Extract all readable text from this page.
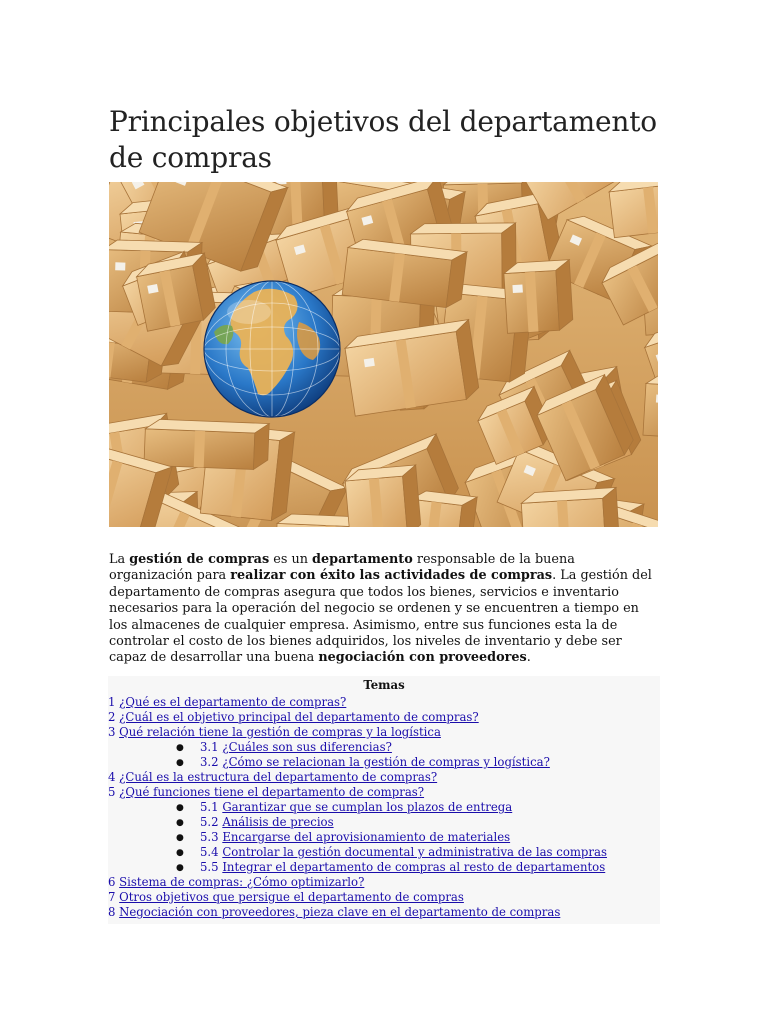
Principales objetivos del departamento de compras
La gestión de compras es un departamento responsable de la buena organización para realizar con éxito las actividades de compras. La gestión del departamento de compras asegura que todos los bienes, servicios e inventario necesarios para la operación del negocio se ordenen y se encuentren a tiempo en los almacenes de cualquier empresa. Asimismo, entre sus funciones esta la de controlar el costo de los bienes adquiridos, los niveles de inventario y debe ser capaz de desarrollar una buena negociación con proveedores.
Temas
1 ¿Qué es el departamento de compras?
2 ¿Cuál es el objetivo principal del departamento de compras?
3 Qué relación tiene la gestión de compras y la logística
● 3.1 ¿Cuáles son sus diferencias?
● 3.2 ¿Cómo se relacionan la gestión de compras y logística?
4 ¿Cuál es la estructura del departamento de compras?
5 ¿Qué funciones tiene el departamento de compras?
● 5.1 Garantizar que se cumplan los plazos de entrega
● 5.2 Análisis de precios
● 5.3 Encargarse del aprovisionamiento de materiales
● 5.4 Controlar la gestión documental y administrativa de las compras
● 5.5 Integrar el departamento de compras al resto de departamentos
6 Sistema de compras: ¿Cómo optimizarlo?
7 Otros objetivos que persigue el departamento de compras
8 Negociación con proveedores, pieza clave en el departamento de compras
